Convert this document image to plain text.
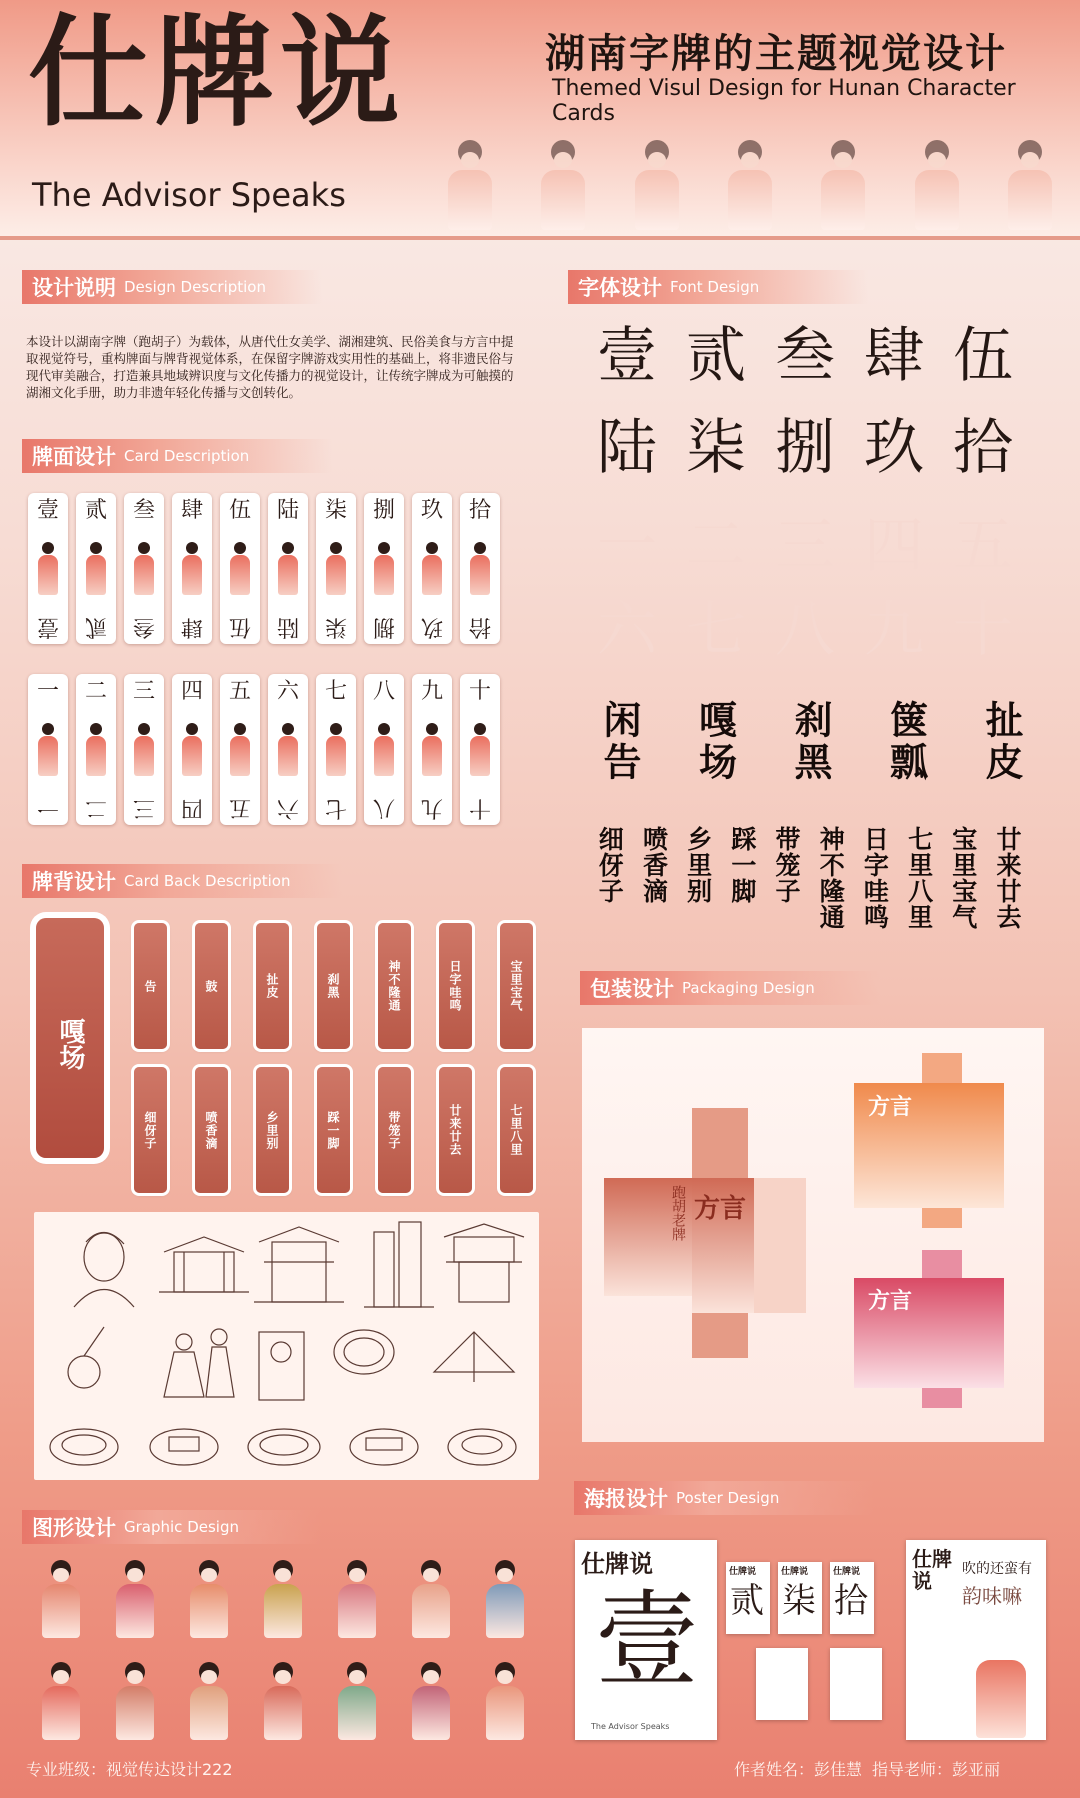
仕牌说
The Advisor Speaks
湖南字牌的主题视觉设计
Themed Visul Design for Hunan Character Cards
设计说明 Design Description
本设计以湖南字牌（跑胡子）为载体，从唐代仕女美学、湖湘建筑、民俗美食与方言中提取视觉符号，重构牌面与牌背视觉体系，在保留字牌游戏实用性的基础上，将非遗民俗与现代审美融合，打造兼具地域辨识度与文化传播力的视觉设计，让传统字牌成为可触摸的湖湘文化手册，助力非遗年轻化传播与文创转化。
牌面设计 Card Description
壹
壹
贰
贰
叁
叁
肆
肆
伍
伍
陆
陆
柒
柒
捌
捌
玖
玖
拾
拾
一
一
二
二
三
三
四
四
五
五
六
六
七
七
八
八
九
九
十
十
牌背设计 Card Back Description
嘎场
告	鼓	扯皮	刹黑	神不隆通	日字哇鸣	宝里宝气
细伢子	喷香滴	乡里别	踩一脚	带笼子	廿来廿去	七里八里
图形设计 Graphic Design
字体设计 Font Design
壹 贰 叁 肆 伍
陆 柒 捌 玖 拾
一 二 三 四 五
六 七 八 九 十
闲告 嘎场 刹黑 箧瓢 扯皮
细伢子 喷香滴 乡里别 踩一脚 带笼子 神不隆通 日字哇鸣 七里八里 宝里宝气 廿来廿去
包装设计 Packaging Design
方言
跑胡老牌
方言
方言
海报设计 Poster Design
仕牌说
壹
The Advisor Speaks
仕牌说
贰
仕牌说
柒
仕牌说
拾
仕牌说	吹的还蛮有
韵味嘛
专业班级：视觉传达设计222	作者姓名：彭佳慧 指导老师：彭亚丽
